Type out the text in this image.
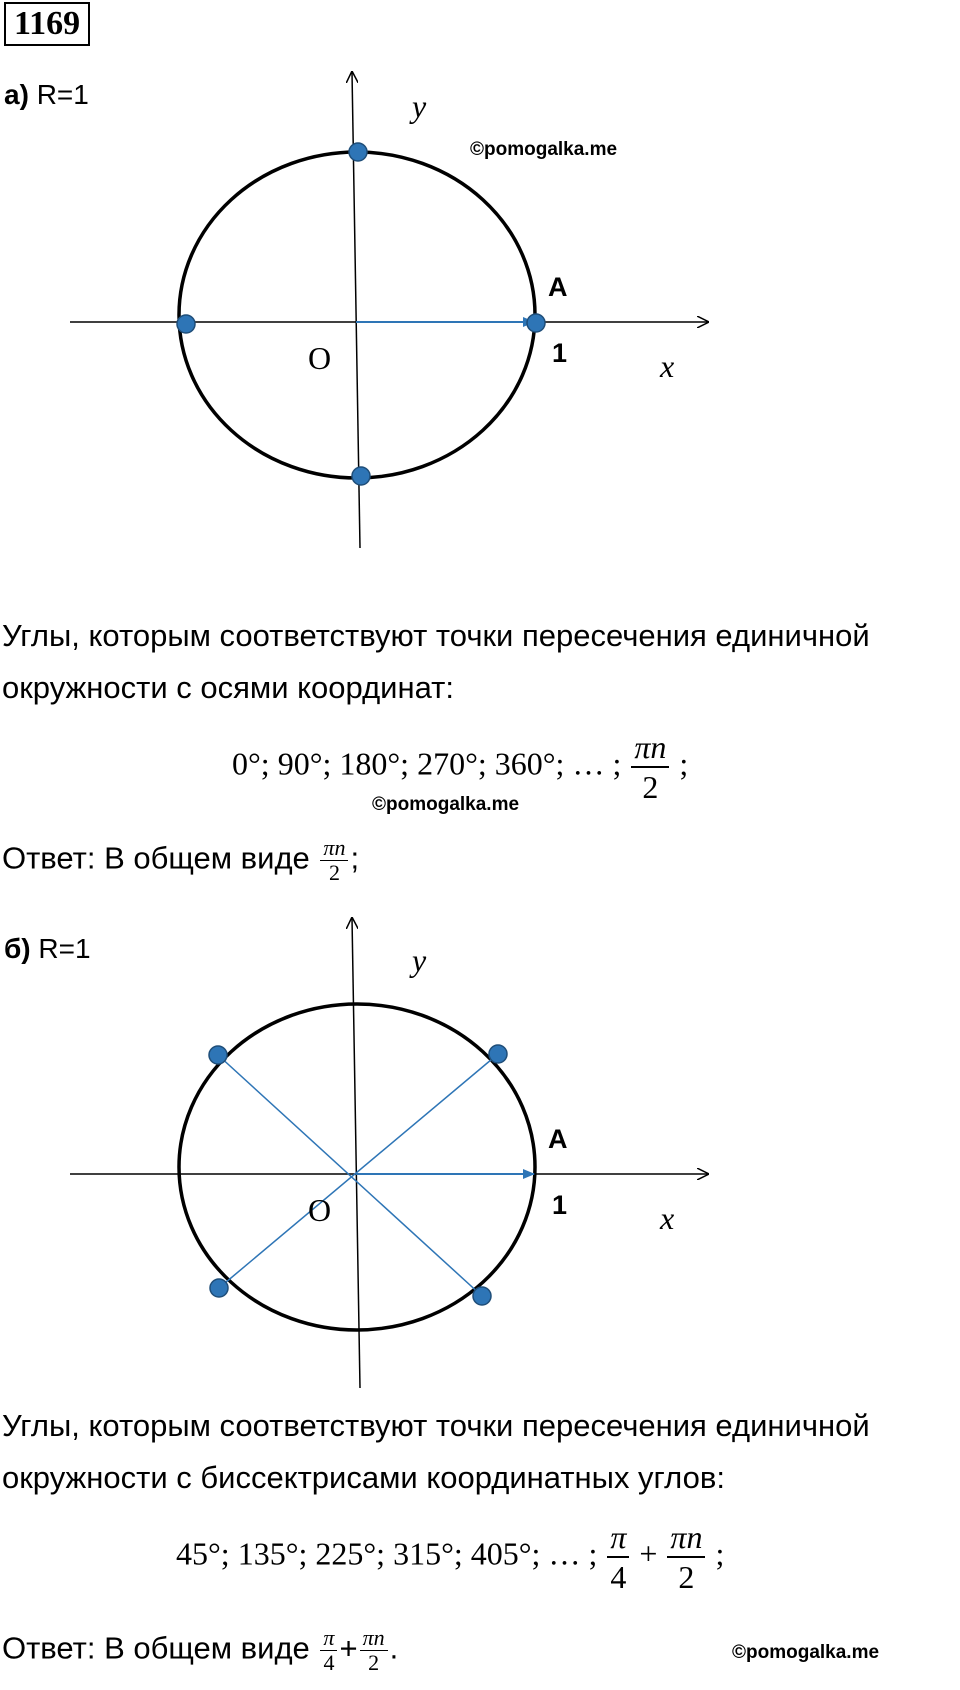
1169
а) R=1	y
x
O
A
1
©pomogalka.me
Углы, которым соответствуют точки пересечения единичной
окружности с осями координат:
0°; 90°; 180°; 270°; 360°; … ; $\frac{\pi n}{2}$ ;
©pomogalka.me
Ответ: В общем виде $\frac{\pi n}{2}$ ;
б) R=1	y
x
O
A
1
Углы, которым соответствуют точки пересечения единичной
окружности с биссектрисами координатных углов:
45°; 135°; 225°; 315°; 405°; … ; $\frac{\pi}{4} + \frac{\pi n}{2}$ ;
Ответ: В общем виде $\frac{\pi}{4} + \frac{\pi n}{2}$ .	©pomogalka.me
